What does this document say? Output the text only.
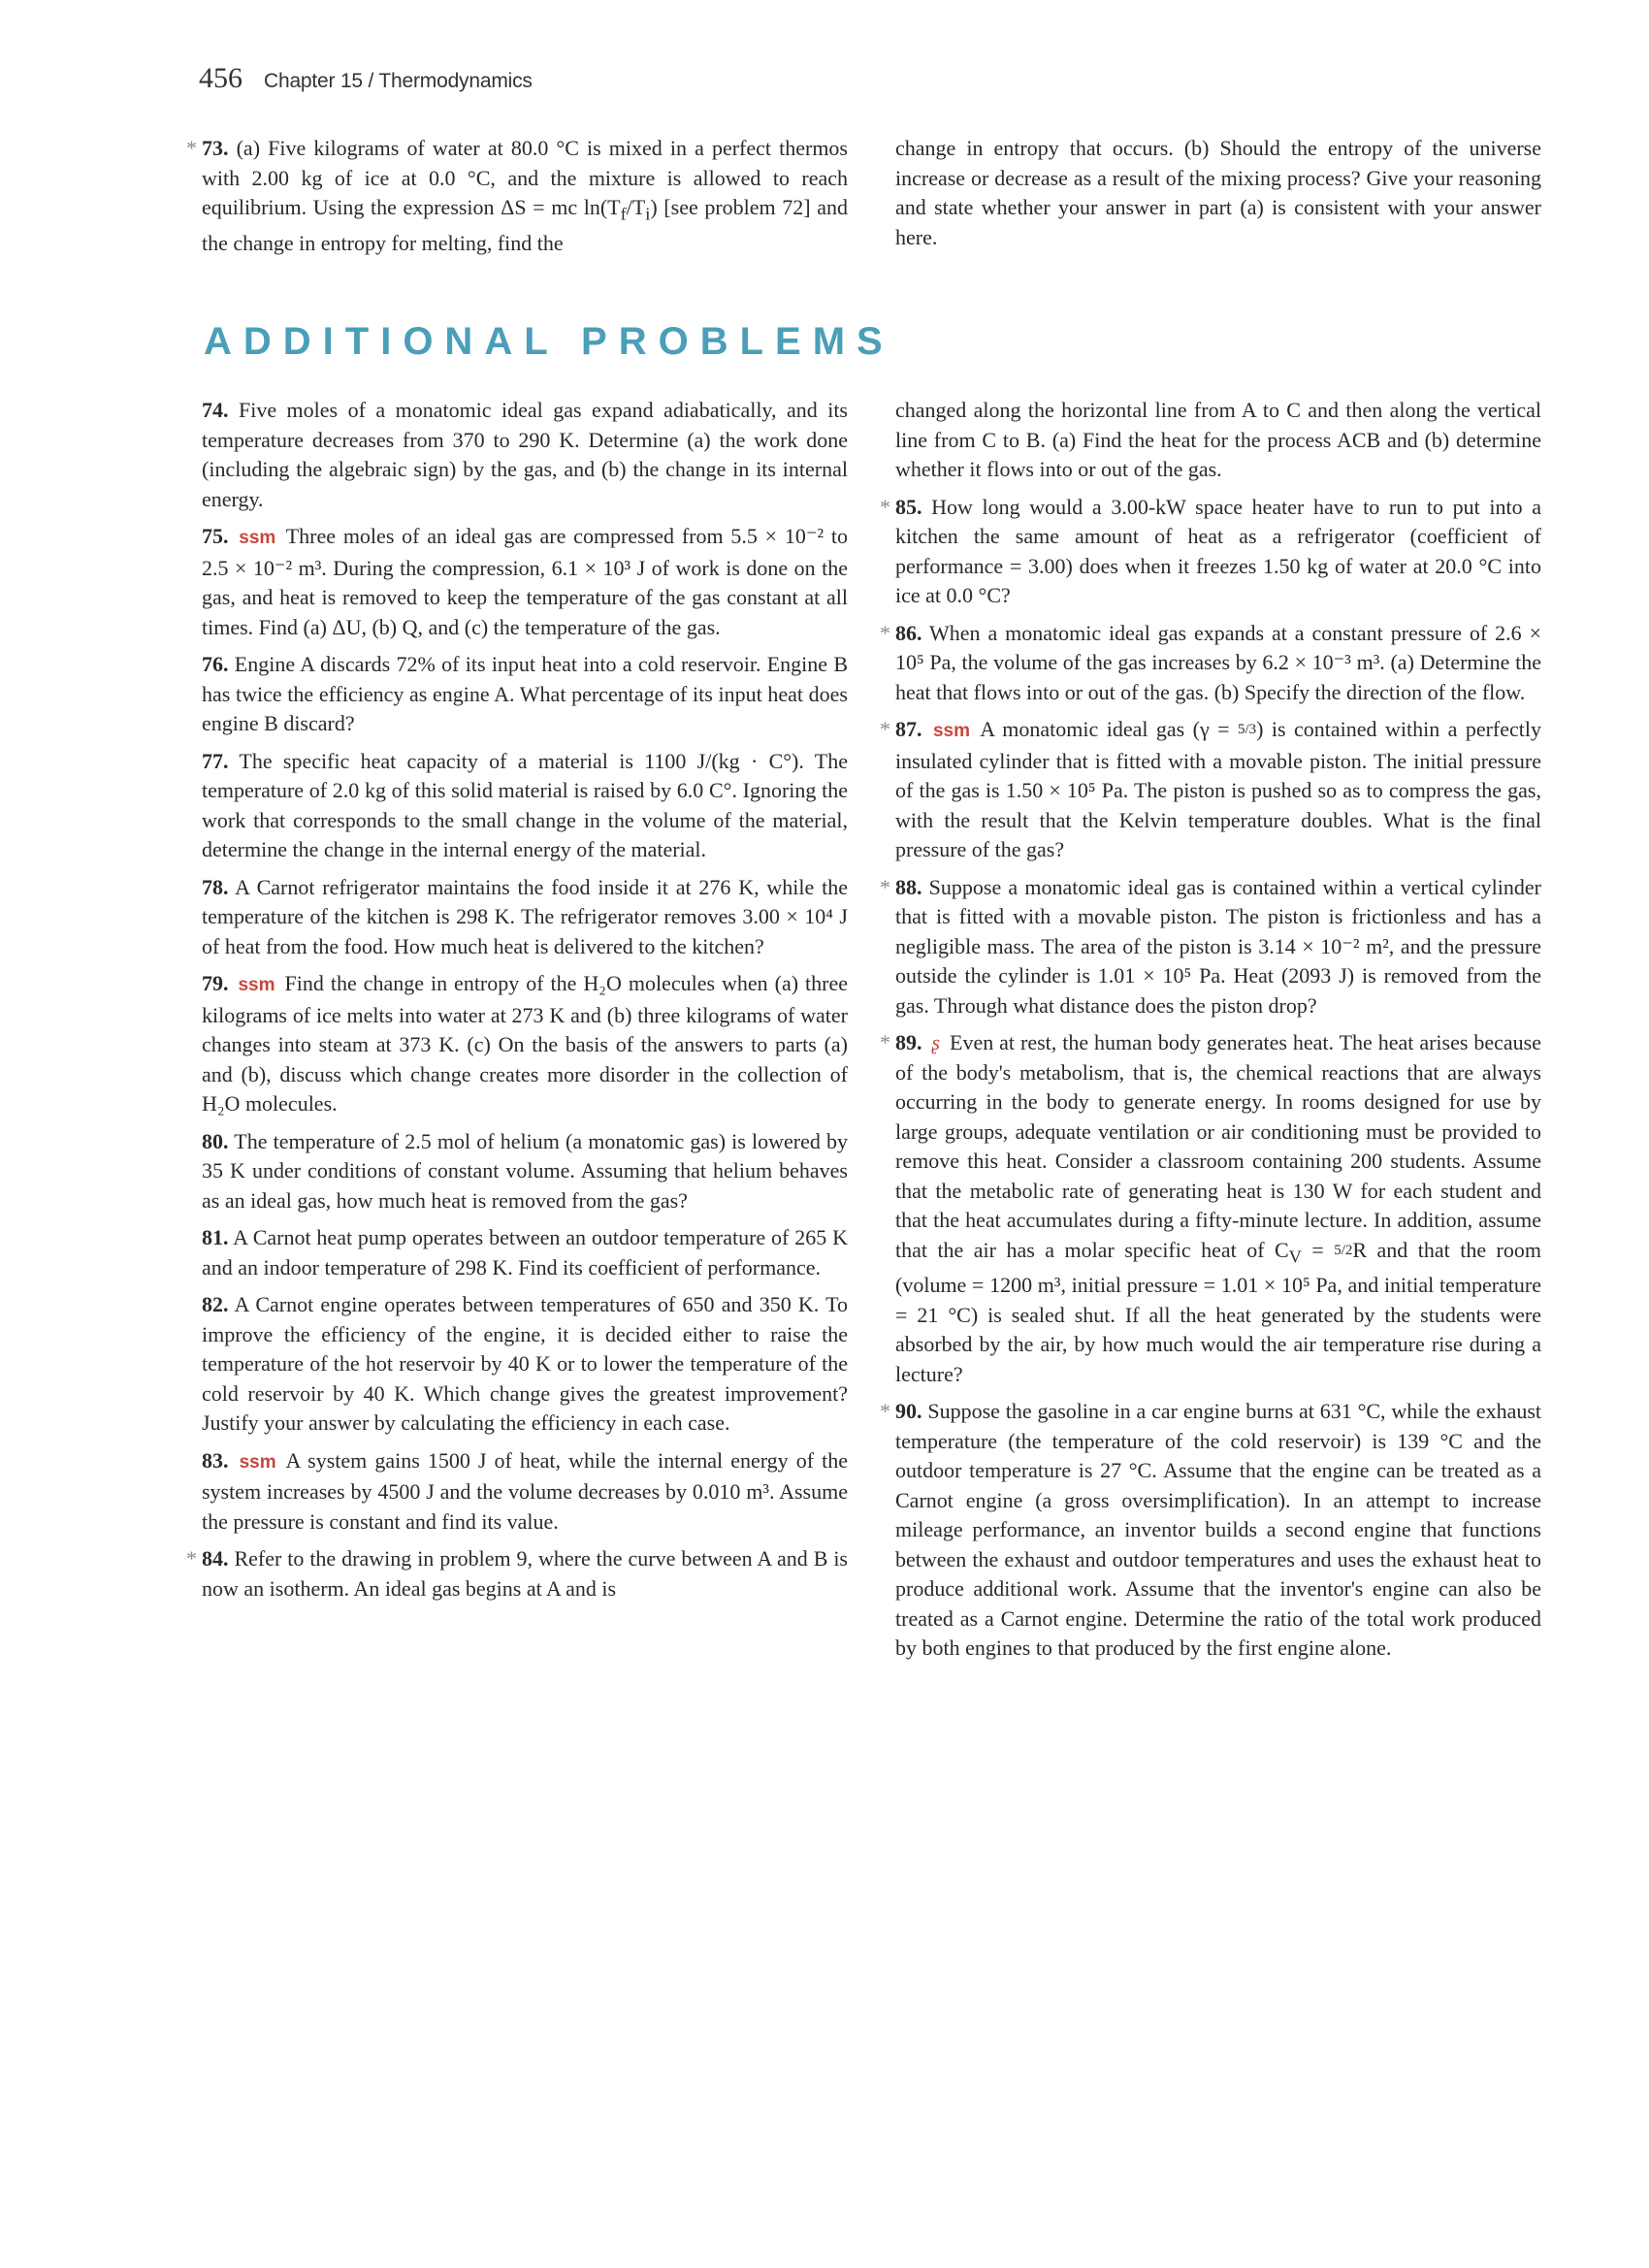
456 Chapter 15 / Thermodynamics

* 73. (a) Five kilograms of water at 80.0 °C is mixed in a perfect thermos with 2.00 kg of ice at 0.0 °C, and the mixture is allowed to reach equilibrium. Using the expression ΔS = mc $\ln(T_f/T_i)$ [see problem 72] and the change in entropy for melting, find the

change in entropy that occurs. (b) Should the entropy of the universe increase or decrease as a result of the mixing process? Give your reasoning and state whether your answer in part (a) is consistent with your answer here.

ADDITIONAL PROBLEMS

74. Five moles of a monatomic ideal gas expand adiabatically, and its temperature decreases from 370 to 290 K. Determine (a) the work done (including the algebraic sign) by the gas, and (b) the change in its internal energy.

75. ssm Three moles of an ideal gas are compressed from 5.5 × 10⁻² to 2.5 × 10⁻² m³. During the compression, 6.1 × 10³ J of work is done on the gas, and heat is removed to keep the temperature of the gas constant at all times. Find (a) ΔU, (b) Q, and (c) the temperature of the gas.

76. Engine A discards 72% of its input heat into a cold reservoir. Engine B has twice the efficiency as engine A. What percentage of its input heat does engine B discard?

77. The specific heat capacity of a material is 1100 J/(kg · C°). The temperature of 2.0 kg of this solid material is raised by 6.0 C°. Ignoring the work that corresponds to the small change in the volume of the material, determine the change in the internal energy of the material.

78. A Carnot refrigerator maintains the food inside it at 276 K, while the temperature of the kitchen is 298 K. The refrigerator removes 3.00 × 10⁴ J of heat from the food. How much heat is delivered to the kitchen?

79. ssm Find the change in entropy of the H₂O molecules when (a) three kilograms of ice melts into water at 273 K and (b) three kilograms of water changes into steam at 373 K. (c) On the basis of the answers to parts (a) and (b), discuss which change creates more disorder in the collection of H₂O molecules.

80. The temperature of 2.5 mol of helium (a monatomic gas) is lowered by 35 K under conditions of constant volume. Assuming that helium behaves as an ideal gas, how much heat is removed from the gas?

81. A Carnot heat pump operates between an outdoor temperature of 265 K and an indoor temperature of 298 K. Find its coefficient of performance.

82. A Carnot engine operates between temperatures of 650 and 350 K. To improve the efficiency of the engine, it is decided either to raise the temperature of the hot reservoir by 40 K or to lower the temperature of the cold reservoir by 40 K. Which change gives the greatest improvement? Justify your answer by calculating the efficiency in each case.

83. ssm A system gains 1500 J of heat, while the internal energy of the system increases by 4500 J and the volume decreases by 0.010 m³. Assume the pressure is constant and find its value.

* 84. Refer to the drawing in problem 9, where the curve between A and B is now an isotherm. An ideal gas begins at A and is

changed along the horizontal line from A to C and then along the vertical line from C to B. (a) Find the heat for the process ACB and (b) determine whether it flows into or out of the gas.

* 85. How long would a 3.00-kW space heater have to run to put into a kitchen the same amount of heat as a refrigerator (coefficient of performance = 3.00) does when it freezes 1.50 kg of water at 20.0 °C into ice at 0.0 °C?

* 86. When a monatomic ideal gas expands at a constant pressure of 2.6 × 10⁵ Pa, the volume of the gas increases by 6.2 × 10⁻³ m³. (a) Determine the heat that flows into or out of the gas. (b) Specify the direction of the flow.

* 87. ssm A monatomic ideal gas (γ = 5/3) is contained within a perfectly insulated cylinder that is fitted with a movable piston. The initial pressure of the gas is 1.50 × 10⁵ Pa. The piston is pushed so as to compress the gas, with the result that the Kelvin temperature doubles. What is the final pressure of the gas?

* 88. Suppose a monatomic ideal gas is contained within a vertical cylinder that is fitted with a movable piston. The piston is frictionless and has a negligible mass. The area of the piston is 3.14 × 10⁻² m², and the pressure outside the cylinder is 1.01 × 10⁵ Pa. Heat (2093 J) is removed from the gas. Through what distance does the piston drop?

* 89. ʂ Even at rest, the human body generates heat. The heat arises because of the body's metabolism, that is, the chemical reactions that are always occurring in the body to generate energy. In rooms designed for use by large groups, adequate ventilation or air conditioning must be provided to remove this heat. Consider a classroom containing 200 students. Assume that the metabolic rate of generating heat is 130 W for each student and that the heat accumulates during a fifty-minute lecture. In addition, assume that the air has a molar specific heat of $C_V = 5/2R$ and that the room (volume = 1200 m³, initial pressure = 1.01 × 10⁵ Pa, and initial temperature = 21 °C) is sealed shut. If all the heat generated by the students were absorbed by the air, by how much would the air temperature rise during a lecture?

* 90. Suppose the gasoline in a car engine burns at 631 °C, while the exhaust temperature (the temperature of the cold reservoir) is 139 °C and the outdoor temperature is 27 °C. Assume that the engine can be treated as a Carnot engine (a gross oversimplification). In an attempt to increase mileage performance, an inventor builds a second engine that functions between the exhaust and outdoor temperatures and uses the exhaust heat to produce additional work. Assume that the inventor's engine can also be treated as a Carnot engine. Determine the ratio of the total work produced by both engines to that produced by the first engine alone.
